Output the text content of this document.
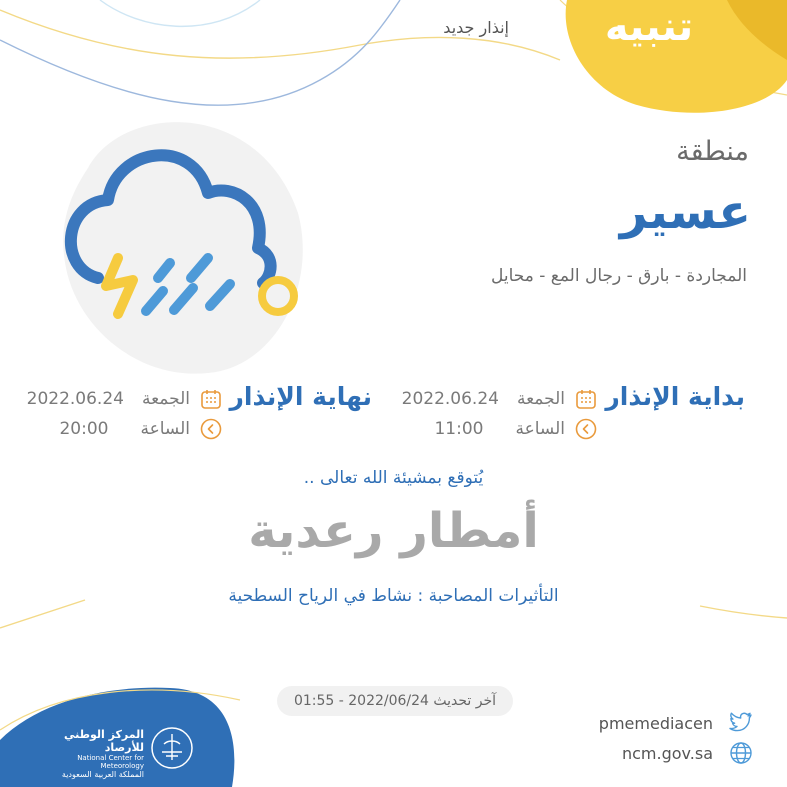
تنبيه
إنذار جديد
منطقة
عسير
المجاردة - بارق - رجال المع - محايل
بداية الإنذار
الجمعة
2022.06.24
الساعة
11:00
نهاية الإنذار
الجمعة
2022.06.24
الساعة
20:00
يُتوقع بمشيئة الله تعالى ..
أمطار رعدية
التأثيرات المصاحبة : نشاط في الرياح السطحية
آخر تحديث 2022/06/24 - 01:55
المركز الوطني للأرصاد
National Center for Meteorology
المملكة العربية السعودية
pmemediacen
ncm.gov.sa
